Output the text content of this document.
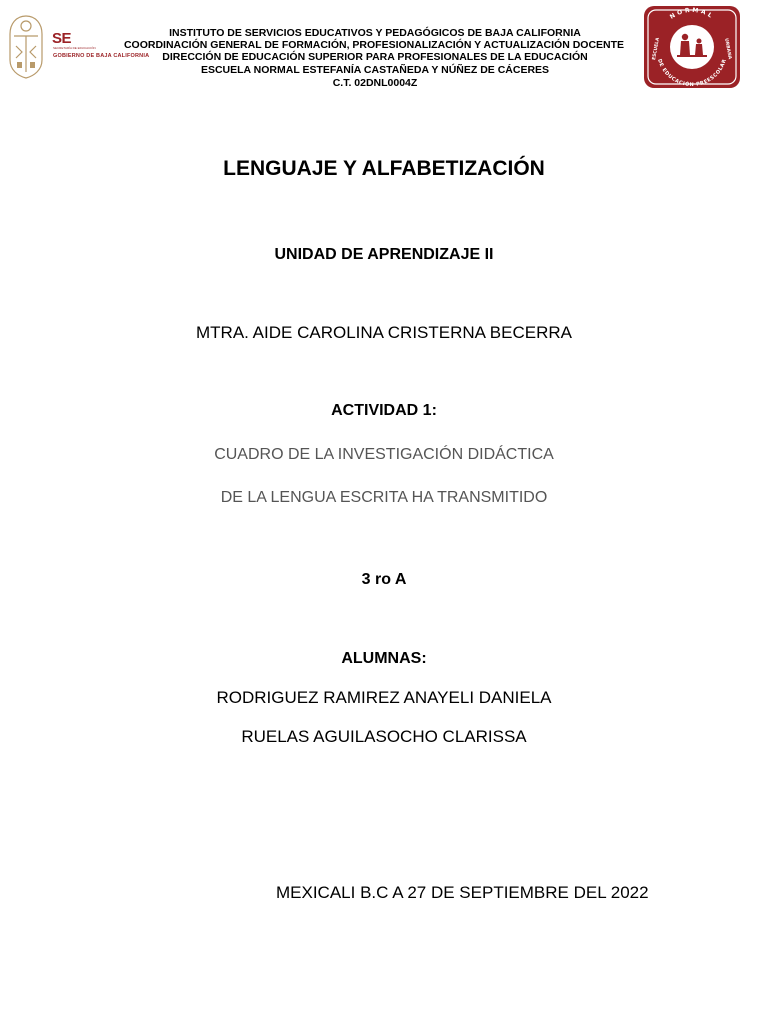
SE
SECRETARÍA DE EDUCACIÓN
GOBIERNO DE BAJA CALIFORNIA
INSTITUTO DE SERVICIOS EDUCATIVOS Y PEDAGÓGICOS DE BAJA CALIFORNIA
COORDINACIÓN GENERAL DE FORMACIÓN, PROFESIONALIZACIÓN Y ACTUALIZACIÓN DOCENTE
DIRECCIÓN DE EDUCACIÓN SUPERIOR PARA PROFESIONALES DE LA EDUCACIÓN
ESCUELA NORMAL ESTEFANÍA CASTAÑEDA Y NÚÑEZ DE CÁCERES
C.T. 02DNL0004Z
NORMAL
DE EDUCACIÓN PREESCOLAR
ESCUELA	URBANA
LENGUAJE Y ALFABETIZACIÓN
UNIDAD DE APRENDIZAJE II
MTRA. AIDE CAROLINA CRISTERNA BECERRA
ACTIVIDAD 1:
CUADRO DE LA INVESTIGACIÓN DIDÁCTICA
DE LA LENGUA ESCRITA HA TRANSMITIDO
3 ro A
ALUMNAS:
RODRIGUEZ RAMIREZ ANAYELI DANIELA
RUELAS AGUILASOCHO CLARISSA
MEXICALI B.C A 27 DE SEPTIEMBRE DEL 2022
